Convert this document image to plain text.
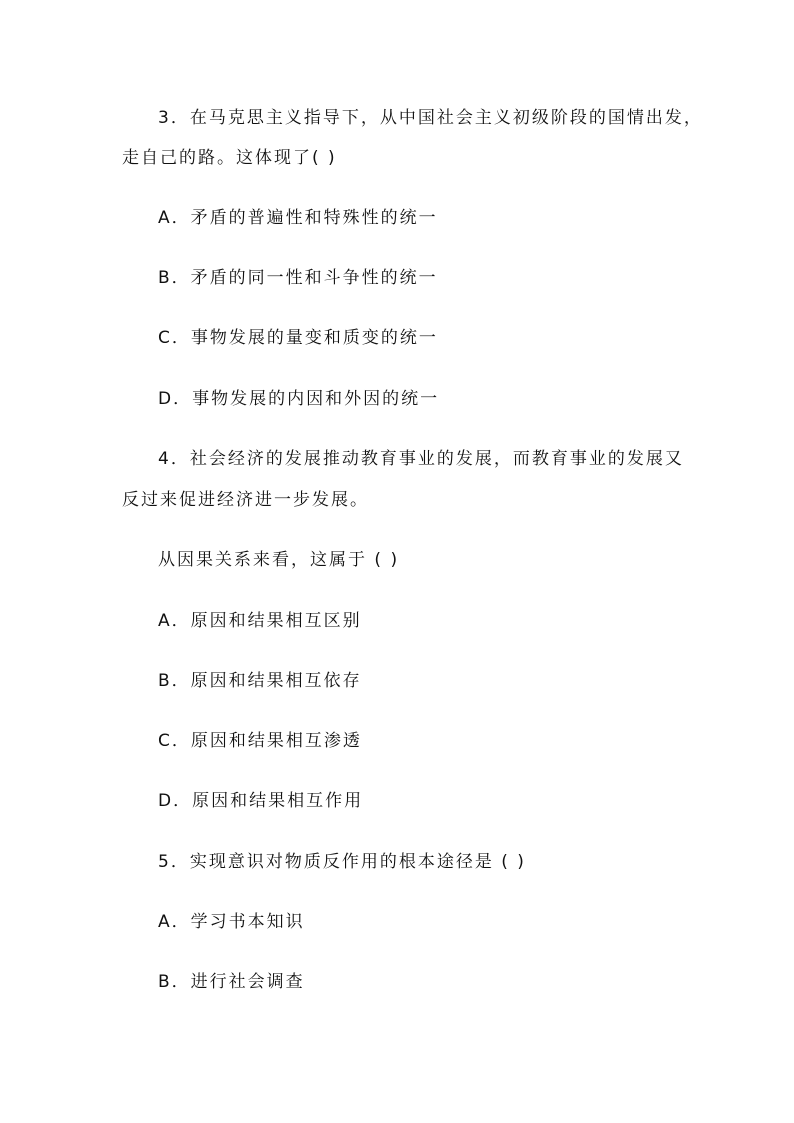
3．在马克思主义指导下，从中国社会主义初级阶段的国情出发，
走自己的路。这体现了( )
A．矛盾的普遍性和特殊性的统一
B．矛盾的同一性和斗争性的统一
C．事物发展的量变和质变的统一
D．事物发展的内因和外因的统一
4．社会经济的发展推动教育事业的发展，而教育事业的发展又
反过来促进经济进一步发展。
从因果关系来看，这属于 ( )
A．原因和结果相互区别
B．原因和结果相互依存
C．原因和结果相互渗透
D．原因和结果相互作用
5．实现意识对物质反作用的根本途径是 ( )
A．学习书本知识
B．进行社会调查
